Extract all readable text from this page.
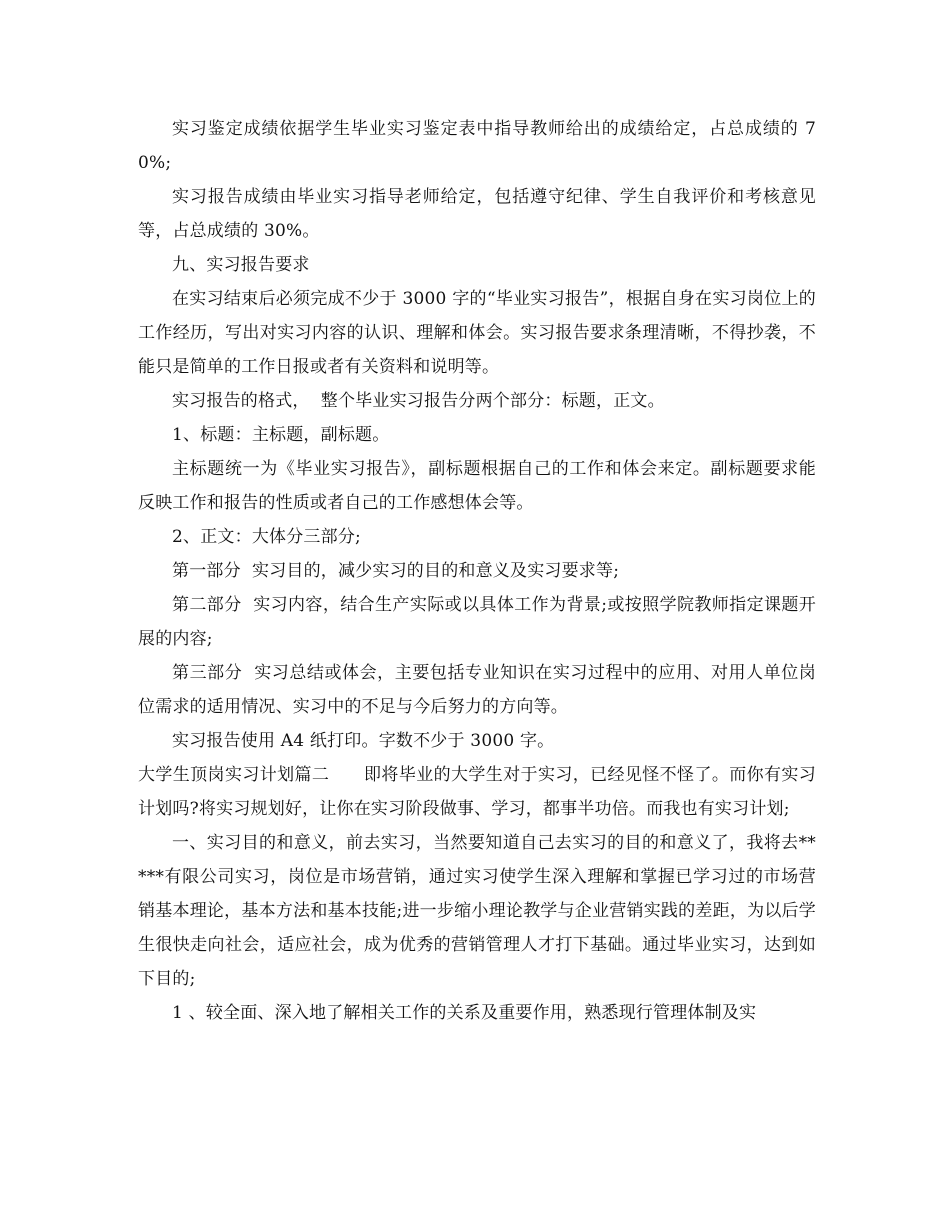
实习鉴定成绩依据学生毕业实习鉴定表中指导教师给出的成绩给定，占总成绩的 70%;

实习报告成绩由毕业实习指导老师给定，包括遵守纪律、学生自我评价和考核意见等，占总成绩的 30%。

九、实习报告要求

在实习结束后必须完成不少于 3000 字的“毕业实习报告”，根据自身在实习岗位上的工作经历，写出对实习内容的认识、理解和体会。实习报告要求条理清晰，不得抄袭，不能只是简单的工作日报或者有关资料和说明等。

实习报告的格式，  整个毕业实习报告分两个部分：标题，正文。

1、标题：主标题，副标题。

主标题统一为《毕业实习报告》，副标题根据自己的工作和体会来定。副标题要求能反映工作和报告的性质或者自己的工作感想体会等。

2、正文：大体分三部分;

第一部分  实习目的，减少实习的目的和意义及实习要求等;

第二部分  实习内容，结合生产实际或以具体工作为背景;或按照学院教师指定课题开展的内容;

第三部分  实习总结或体会，主要包括专业知识在实习过程中的应用、对用人单位岗位需求的适用情况、实习中的不足与今后努力的方向等。

实习报告使用 A4 纸打印。字数不少于 3000 字。

大学生顶岗实习计划篇二      即将毕业的大学生对于实习，已经见怪不怪了。而你有实习计划吗?将实习规划好，让你在实习阶段做事、学习，都事半功倍。而我也有实习计划;

一、实习目的和意义，前去实习，当然要知道自己去实习的目的和意义了，我将去*****有限公司实习，岗位是市场营销，通过实习使学生深入理解和掌握已学习过的市场营销基本理论，基本方法和基本技能;进一步缩小理论教学与企业营销实践的差距，为以后学生很快走向社会，适应社会，成为优秀的营销管理人才打下基础。通过毕业实习，达到如下目的;

1 、较全面、深入地了解相关工作的关系及重要作用，熟悉现行管理体制及实
